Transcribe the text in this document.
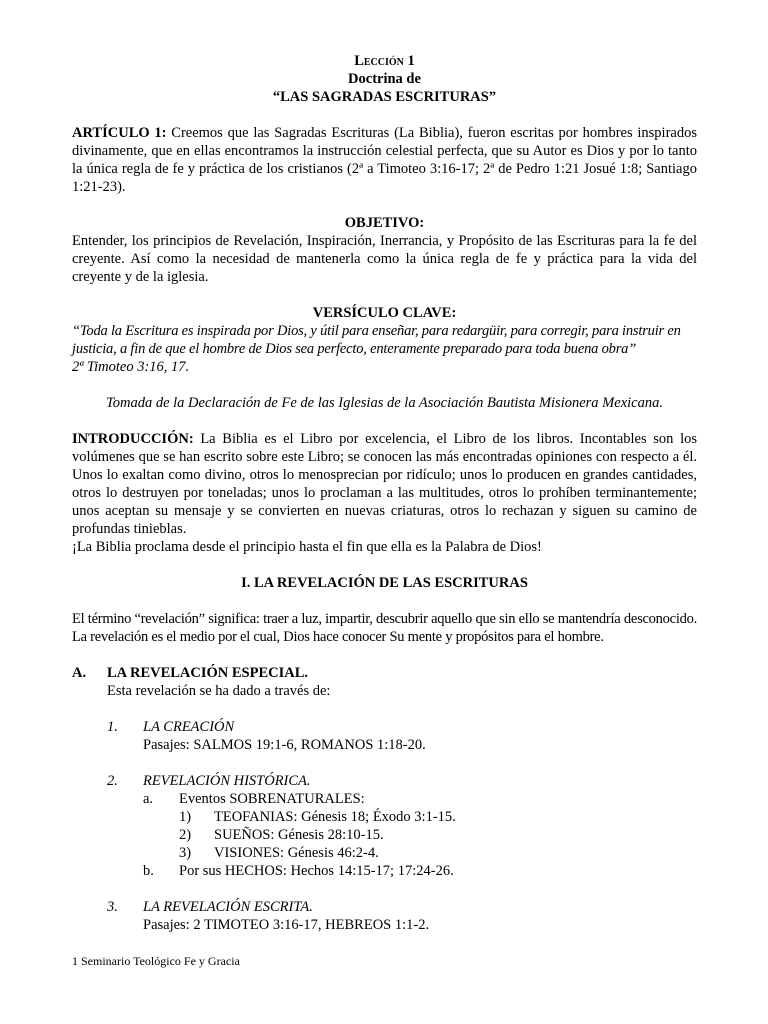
Lección 1

Doctrina de

“LAS SAGRADAS ESCRITURAS”

ARTÍCULO 1: Creemos que las Sagradas Escrituras (La Biblia), fueron escritas por hombres inspirados divinamente, que en ellas encontramos la instrucción celestial perfecta, que su Autor es Dios y por lo tanto la única regla de fe y práctica de los cristianos (2ª a Timoteo 3:16-17; 2ª de Pedro 1:21 Josué 1:8; Santiago 1:21-23).

OBJETIVO:

Entender, los principios de Revelación, Inspiración, Inerrancia, y Propósito de las Escrituras para la fe del creyente. Así como la necesidad de mantenerla como la única regla de fe y práctica para la vida del creyente y de la iglesia.

VERSÍCULO CLAVE:

“Toda la Escritura es inspirada por Dios, y útil para enseñar, para redargüir, para corregir, para instruir en justicia, a fin de que el hombre de Dios sea perfecto, enteramente preparado para toda buena obra”

2ª Timoteo 3:16, 17.

Tomada de la Declaración de Fe de las Iglesias de la Asociación Bautista Misionera Mexicana.

INTRODUCCIÓN: La Biblia es el Libro por excelencia, el Libro de los libros. Incontables son los volúmenes que se han escrito sobre este Libro; se conocen las más encontradas opiniones con respecto a él. Unos lo exaltan como divino, otros lo menosprecian por ridículo; unos lo producen en grandes cantidades, otros lo destruyen por toneladas; unos lo proclaman a las multitudes, otros lo prohíben terminantemente; unos aceptan su mensaje y se convierten en nuevas criaturas, otros lo rechazan y siguen su camino de profundas tinieblas.

¡La Biblia proclama desde el principio hasta el fin que ella es la Palabra de Dios!

I. LA REVELACIÓN DE LAS ESCRITURAS

El término “revelación” significa: traer a luz, impartir, descubrir aquello que sin ello se mantendría desconocido. La revelación es el medio por el cual, Dios hace conocer Su mente y propósitos para el hombre.

A. LA REVELACIÓN ESPECIAL.
Esta revelación se ha dado a través de:
1. LA CREACIÓN
Pasajes: SALMOS 19:1-6, ROMANOS 1:18-20.
2. REVELACIÓN HISTÓRICA.
a. Eventos SOBRENATURALES:
1) TEOFANIAS: Génesis 18; Éxodo 3:1-15.
2) SUEÑOS: Génesis 28:10-15.
3) VISIONES: Génesis 46:2-4.
b. Por sus HECHOS: Hechos 14:15-17; 17:24-26.
3. LA REVELACIÓN ESCRITA.
Pasajes: 2 TIMOTEO 3:16-17, HEBREOS 1:1-2.
1 Seminario Teológico Fe y Gracia
